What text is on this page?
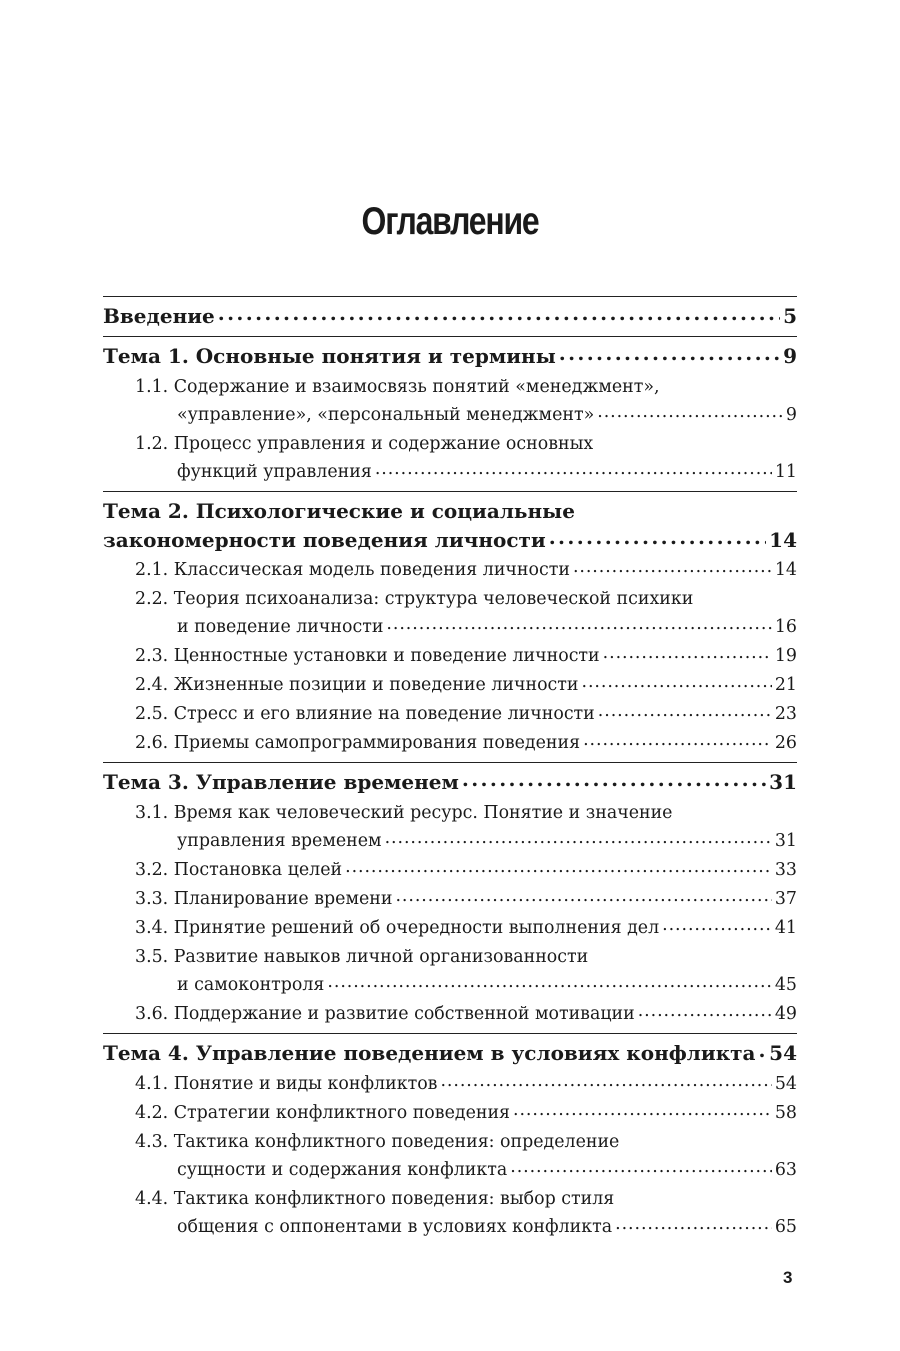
Оглавление
Введение . . .	5
Тема 1. Основные понятия и термины . . .	9
1.1. Содержание и взаимосвязь понятий «менеджмент»,
«управление», «персональный менеджмент» . . .	9
1.2. Процесс управления и содержание основных
функций управления . . .	11
Тема 2. Психологические и социальные
закономерности поведения личности . . .	14
2.1. Классическая модель поведения личности . . .	14
2.2. Теория психоанализа: структура человеческой психики
и поведение личности . . .	16
2.3. Ценностные установки и поведение личности . . .	19
2.4. Жизненные позиции и поведение личности . . .	21
2.5. Стресс и его влияние на поведение личности . . .	23
2.6. Приемы самопрограммирования поведения . . .	26
Тема 3. Управление временем . . .	31
3.1. Время как человеческий ресурс. Понятие и значение
управления временем . . .	31
3.2. Постановка целей . . .	33
3.3. Планирование времени . . .	37
3.4. Принятие решений об очередности выполнения дел . . .	41
3.5. Развитие навыков личной организованности
и самоконтроля . . .	45
3.6. Поддержание и развитие собственной мотивации . . .	49
Тема 4. Управление поведением в условиях конфликта . . . 54
4.1. Понятие и виды конфликтов . . .	54
4.2. Стратегии конфликтного поведения . . .	58
4.3. Тактика конфликтного поведения: определение
сущности и содержания конфликта . . .	63
4.4. Тактика конфликтного поведения: выбор стиля
общения с оппонентами в условиях конфликта . . .	65
3
